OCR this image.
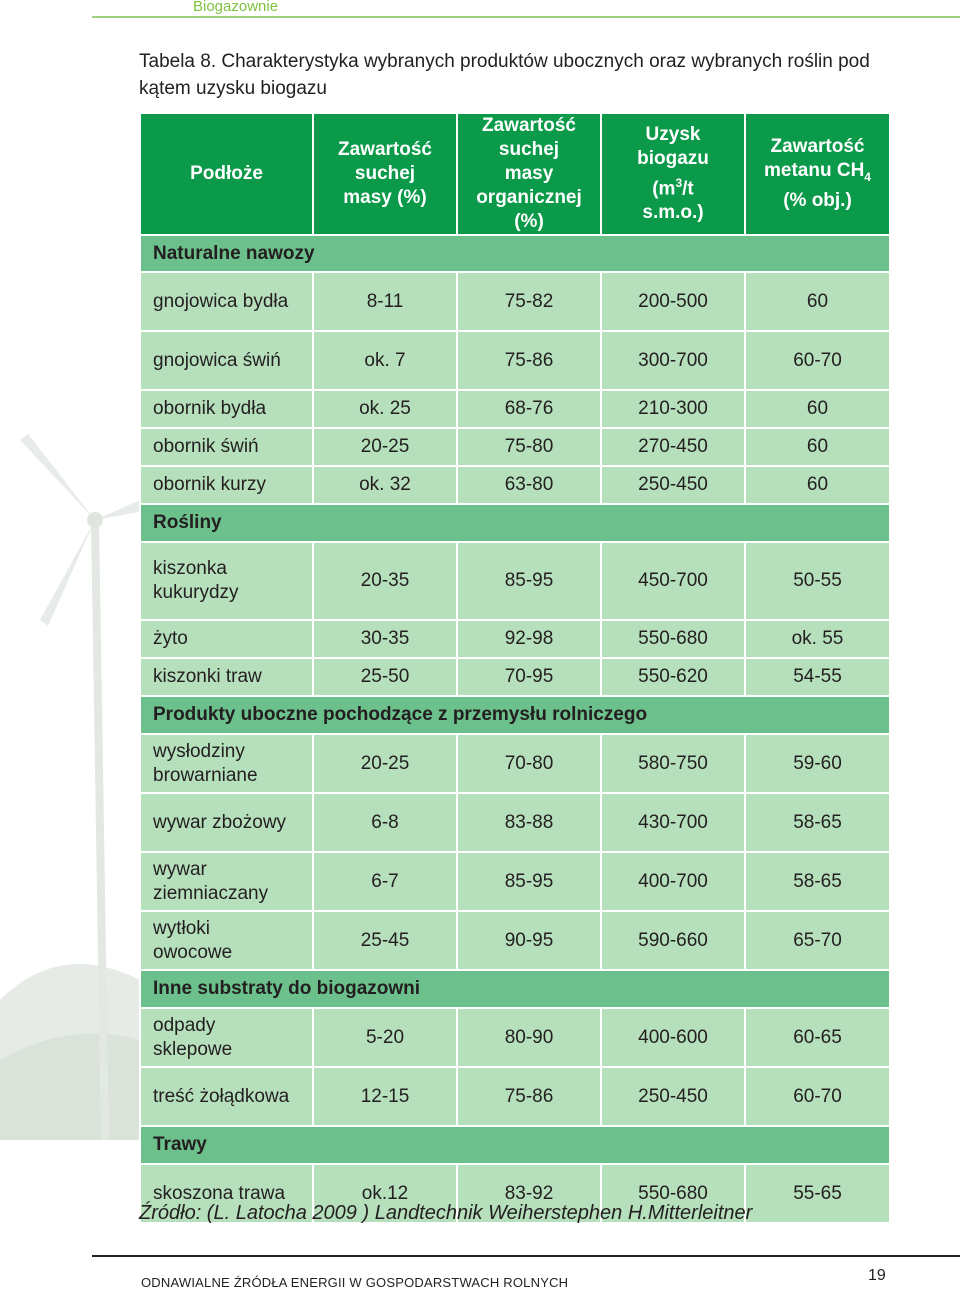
Biogazownie
Tabela 8. Charakterystyka wybranych produktów ubocznych oraz wybranych roślin pod kątem uzysku biogazu
Podłoże	Zawartość suchej masy (%)	Zawartość suchej masy organicznej (%)	Uzysk biogazu ($m^3/t$ s.m.o.)	Zawartość metanu $CH_4$ (% obj.)

Naturalne nawozy				
gnojowica bydła	8-11	75-82	200-500	60
gnojowica świń	ok. 7	75-86	300-700	60-70
obornik bydła	ok. 25	68-76	210-300	60
obornik świń	20-25	75-80	270-450	60
obornik kurzy	ok. 32	63-80	250-450	60
Rośliny				
kiszonka kukurydzy	20-35	85-95	450-700	50-55
żyto	30-35	92-98	550-680	ok. 55
kiszonki traw	25-50	70-95	550-620	54-55
Produkty uboczne pochodzące z przemysłu rolniczego				
wysłodziny browarniane	20-25	70-80	580-750	59-60
wywar zbożowy	6-8	83-88	430-700	58-65
wywar ziemniaczany	6-7	85-95	400-700	58-65
wytłoki owocowe	25-45	90-95	590-660	65-70
Inne substraty do biogazowni				
odpady sklepowe	5-20	80-90	400-600	60-65
treść żołądkowa	12-15	75-86	250-450	60-70
Trawy				
skoszona trawa	ok.12	83-92	550-680	55-65
Źródło: (L. Latocha 2009 ) Landtechnik Weiherstephen H.Mitterleitner
ODNAWIALNE ŹRÓDŁA ENERGII W GOSPODARSTWACH ROLNYCH	19
